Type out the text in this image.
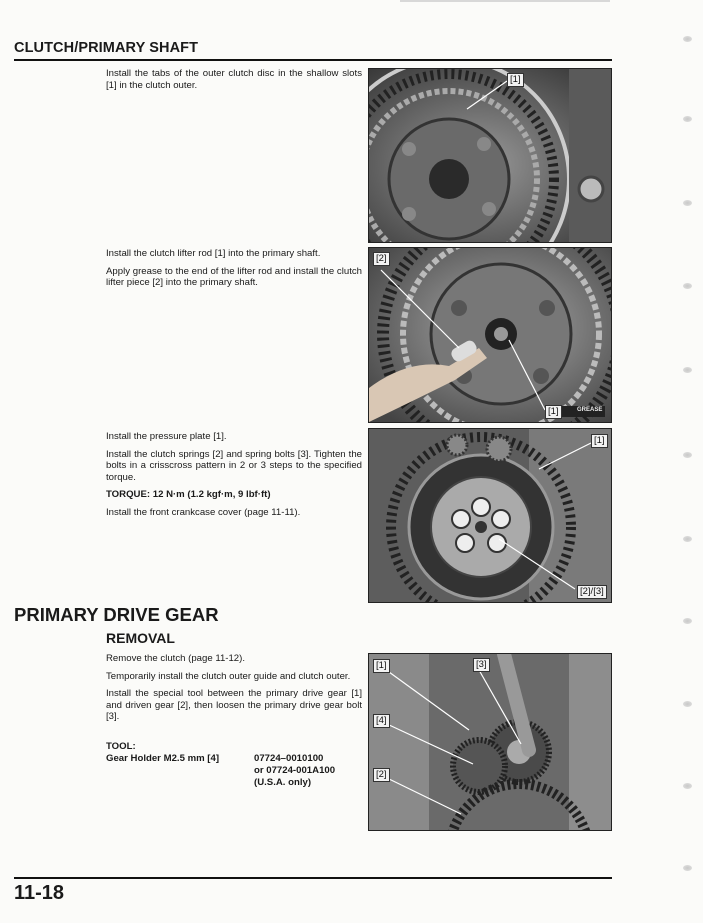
CLUTCH/PRIMARY SHAFT

Install the tabs of the outer clutch disc in the shallow slots [1] in the clutch outer.

[1]

Install the clutch lifter rod [1] into the primary shaft.

Apply grease to the end of the lifter rod and install the clutch lifter piece [2] into the primary shaft.

[2]
[1]	GREASE

Install the pressure plate [1].

Install the clutch springs [2] and spring bolts [3]. Tighten the bolts in a crisscross pattern in 2 or 3 steps to the specified torque.

TORQUE: 12 N·m (1.2 kgf·m, 9 lbf·ft)

Install the front crankcase cover (page 11-11).

[1]
[2]/[3]
PRIMARY DRIVE GEAR
REMOVAL

Remove the clutch (page 11-12).

Temporarily install the clutch outer guide and clutch outer.

Install the special tool between the primary drive gear [1] and driven gear [2], then loosen the primary drive gear bolt [3].

TOOL:
Gear Holder M2.5 mm [4]	07724–0010100
or 07724-001A100
(U.S.A. only)
[1]	[3]
[4]
[2]
11-18
